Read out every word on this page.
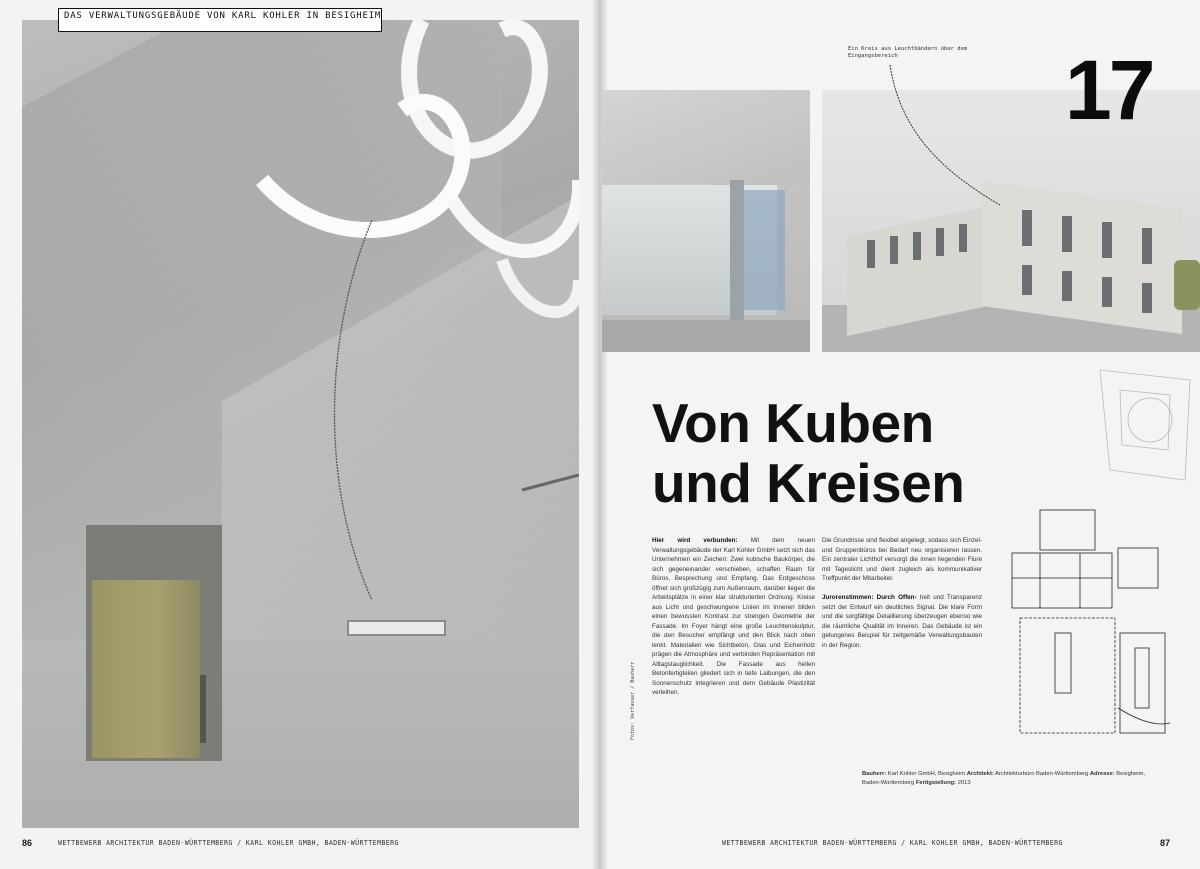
DAS VERWALTUNGSGEBÄUDE VON KARL KOHLER IN BESIGHEIM
86	WETTBEWERB ARCHITEKTUR BADEN-WÜRTTEMBERG / KARL KOHLER GMBH, BADEN-WÜRTTEMBERG
Ein Kreis aus Leuchtbändern über dem Eingangsbereich	17
Von Kuben
und Kreisen
Hier wird verbunden: Mit dem neuen Verwaltungsgebäude der Karl Kohler GmbH setzt sich das Unternehmen ein Zeichen: Zwei kubische Baukörper, die sich gegeneinander verschieben, schaffen Raum für Büros, Besprechung und Empfang. Das Erdgeschoss öffnet sich großzügig zum Außenraum, darüber liegen die Arbeitsplätze in einer klar strukturierten Ordnung. Kreise aus Licht und geschwungene Linien im Inneren bilden einen bewussten Kontrast zur strengen Geometrie der Fassade. Im Foyer hängt eine große Leuchtenskulptur, die den Besucher empfängt und den Blick nach oben lenkt. Materialien wie Sichtbeton, Glas und Eichenholz prägen die Atmosphäre und verbinden Repräsentation mit Alltagstauglichkeit. Die Fassade aus hellen Betonfertigteilen gliedert sich in tiefe Laibungen, die den Sonnenschutz integrieren und dem Gebäude Plastizität verleihen.
Die Grundrisse sind flexibel angelegt, sodass sich Einzel- und Gruppenbüros bei Bedarf neu organisieren lassen. Ein zentraler Lichthof versorgt die innen liegenden Flure mit Tageslicht und dient zugleich als kommunikativer Treffpunkt der Mitarbeiter.

Jurorenstimmen: Durch Offen- heit und Transparenz setzt der Entwurf ein deutliches Signal. Die klare Form und die sorgfältige Detaillierung überzeugen ebenso wie die räumliche Qualität im Inneren. Das Gebäude ist ein gelungenes Beispiel für zeitgemäße Verwaltungsbauten in der Region.
Fotos: Verfasser / Bauherr
Bauherr: Karl Kohler GmbH, Besigheim Architekt: Architekturbüro Baden-Württemberg Adresse: Besigheim, Baden-Württemberg Fertigstellung: 2013
87
WETTBEWERB ARCHITEKTUR BADEN-WÜRTTEMBERG / KARL KOHLER GMBH, BADEN-WÜRTTEMBERG
